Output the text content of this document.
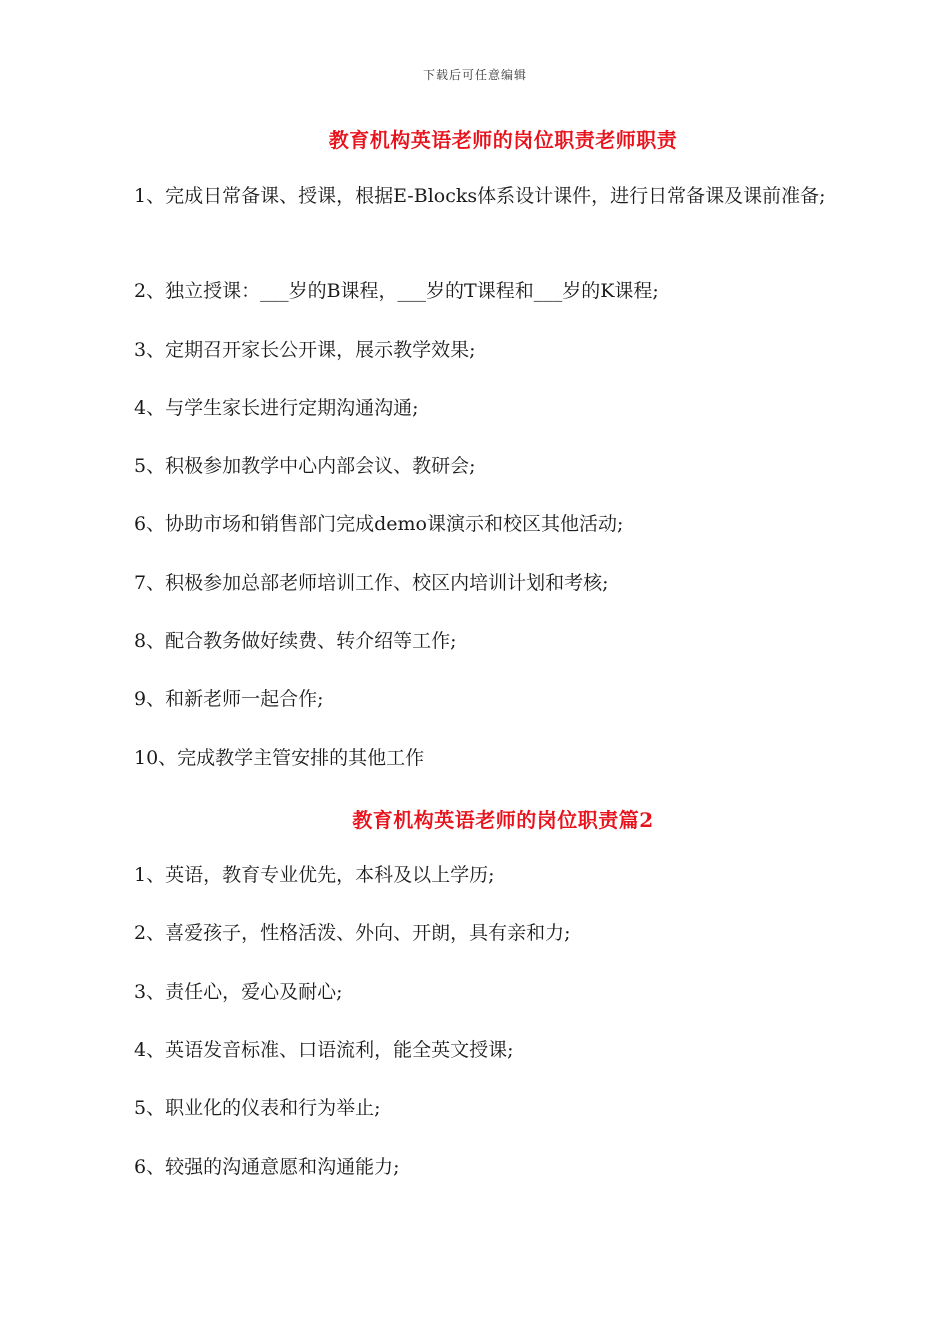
下载后可任意编辑
教育机构英语老师的岗位职责老师职责
1、完成日常备课、授课，根据E-Blocks体系设计课件，进行日常备课及课前准备;
2、独立授课：___岁的B课程，___岁的T课程和___岁的K课程;
3、定期召开家长公开课，展示教学效果;
4、与学生家长进行定期沟通沟通;
5、积极参加教学中心内部会议、教研会;
6、协助市场和销售部门完成demo课演示和校区其他活动;
7、积极参加总部老师培训工作、校区内培训计划和考核;
8、配合教务做好续费、转介绍等工作;
9、和新老师一起合作;
10、完成教学主管安排的其他工作
教育机构英语老师的岗位职责篇2
1、英语，教育专业优先，本科及以上学历;
2、喜爱孩子，性格活泼、外向、开朗，具有亲和力;
3、责任心，爱心及耐心;
4、英语发音标准、口语流利，能全英文授课;
5、职业化的仪表和行为举止;
6、较强的沟通意愿和沟通能力;
